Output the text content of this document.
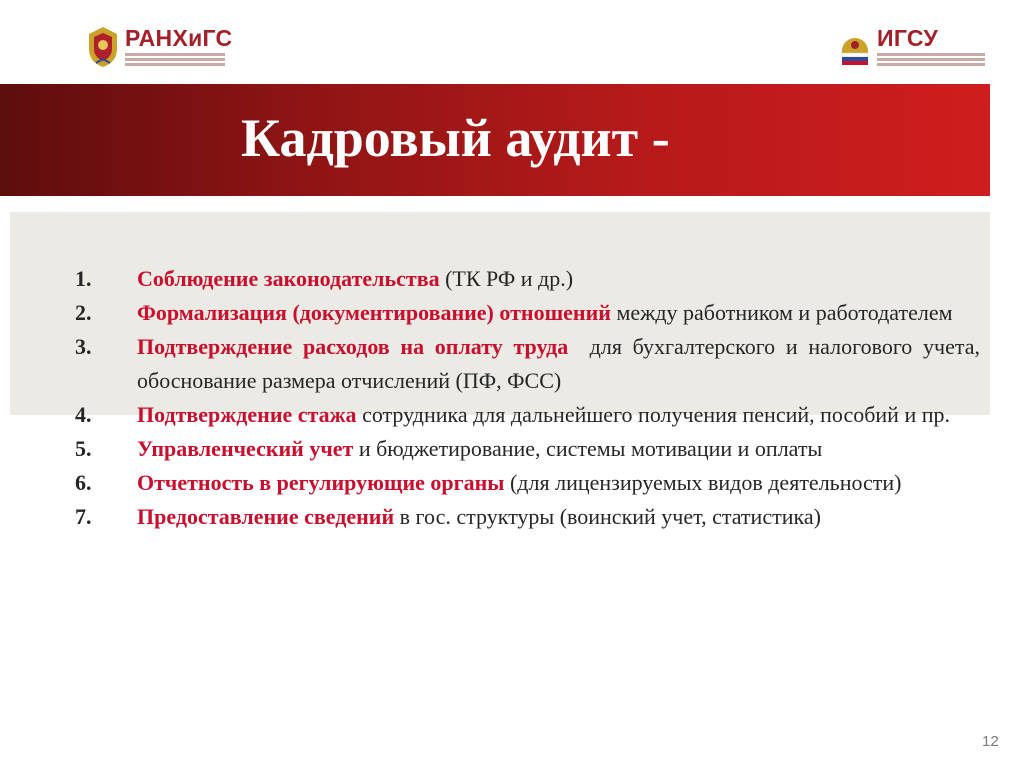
РАНХиГС	ИГСУ
Кадровый аудит -
1.	Соблюдение законодательства (ТК РФ и др.)
2.	Формализация (документирование) отношений между работником и работодателем
3.	Подтверждение расходов на оплату труда  для бухгалтерского и налогового учета, обоснование размера отчислений (ПФ, ФСС)
4.	Подтверждение стажа сотрудника для дальнейшего получения пенсий, пособий и пр.
5.	Управленческий учет и бюджетирование, системы мотивации и оплаты
6.	Отчетность в регулирующие органы (для лицензируемых видов деятельности)
7.	Предоставление сведений в гос. структуры (воинский учет, статистика)
12
